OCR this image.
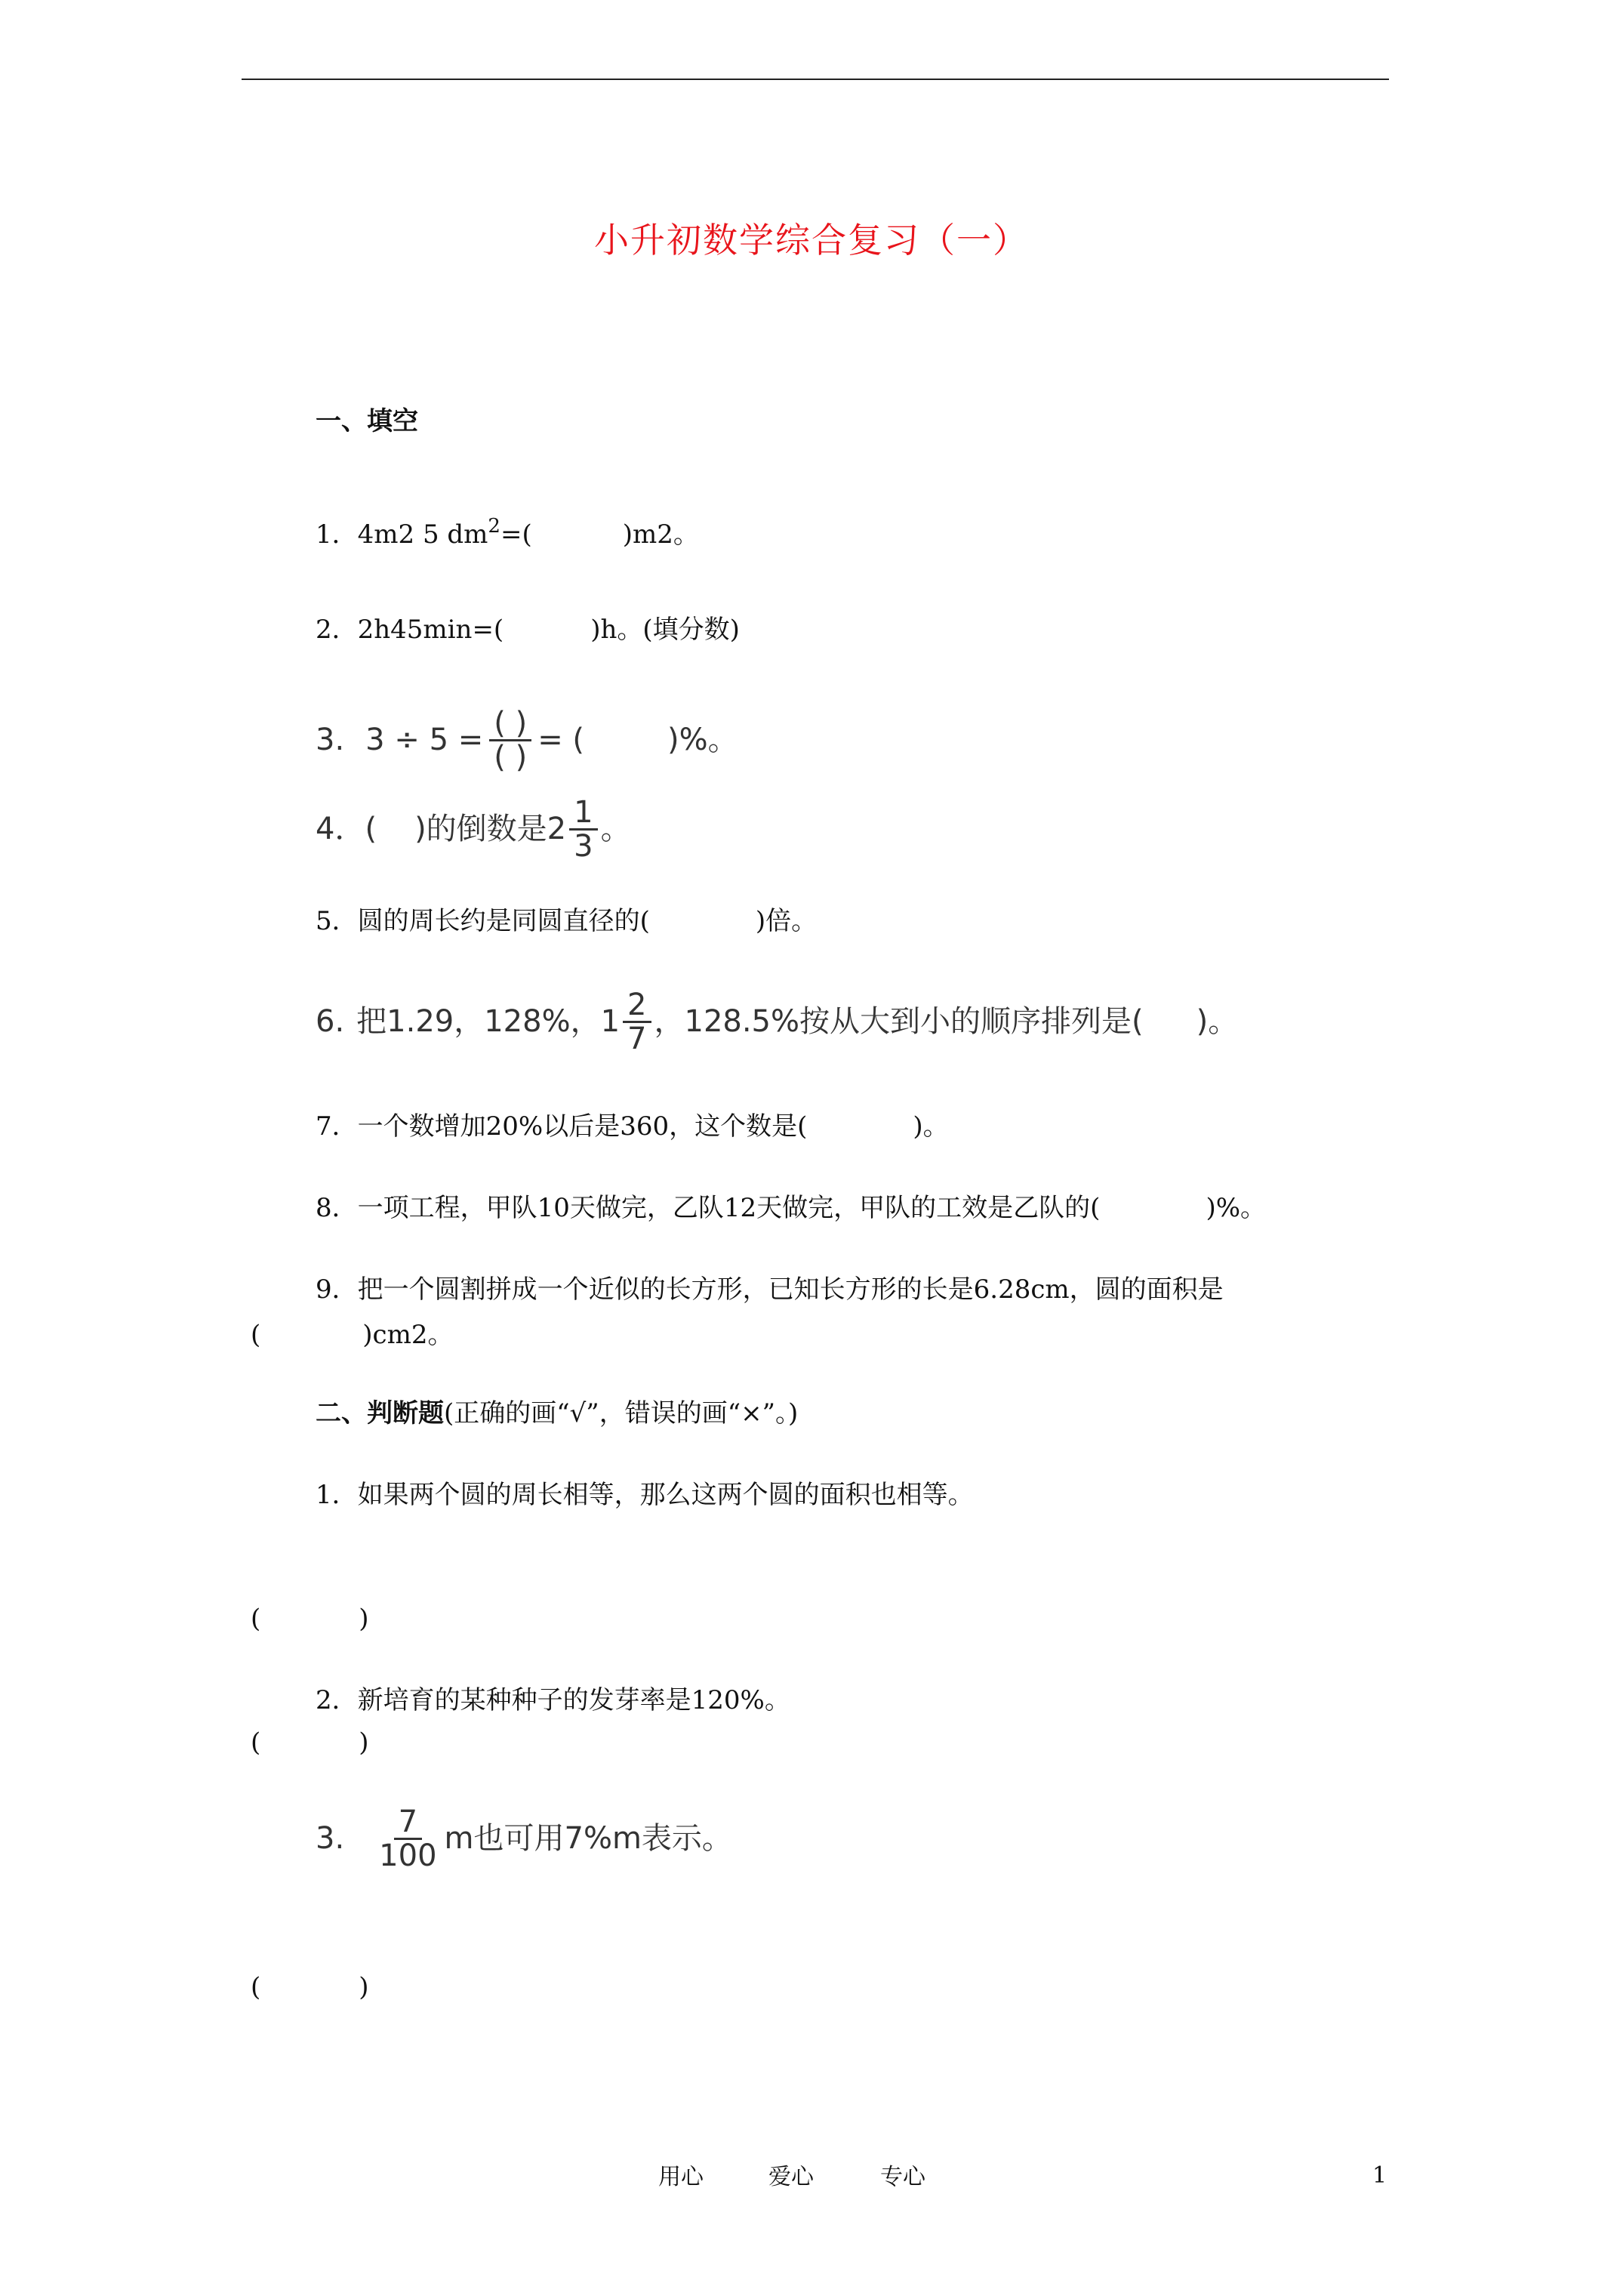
小升初数学综合复习（一）
一、填空
1．4m2 5 $dm^2=$(	)m2。
2．2h45min=(	)h。(填分数)
3. $3 \div 5 = \frac{( )}{( )}$ = (	)%。
4． ( )的倒数是$2 \frac{1}{3}$ 。
5．圆的周长约是同圆直径的(	)倍。
6. 把1.29，128%，$1 \frac{2}{7}$ ，128.5%按从大到小的顺序排列是( )。
7．一个数增加20%以后是360，这个数是(	)。
8．一项工程，甲队10天做完，乙队12天做完，甲队的工效是乙队的(	)%。
9．把一个圆割拼成一个近似的长方形，已知长方形的长是6.28cm，圆的面积是
(	)cm2。
二、判断题(正确的画“√”，错误的画“×”。)
1．如果两个圆的周长相等，那么这两个圆的面积也相等。
(	)
2．新培育的某种种子的发芽率是120%。
(	)
3. $\frac{7}{100}$ m也可用7%m表示。
(	)
用心	爱心	专心	1
